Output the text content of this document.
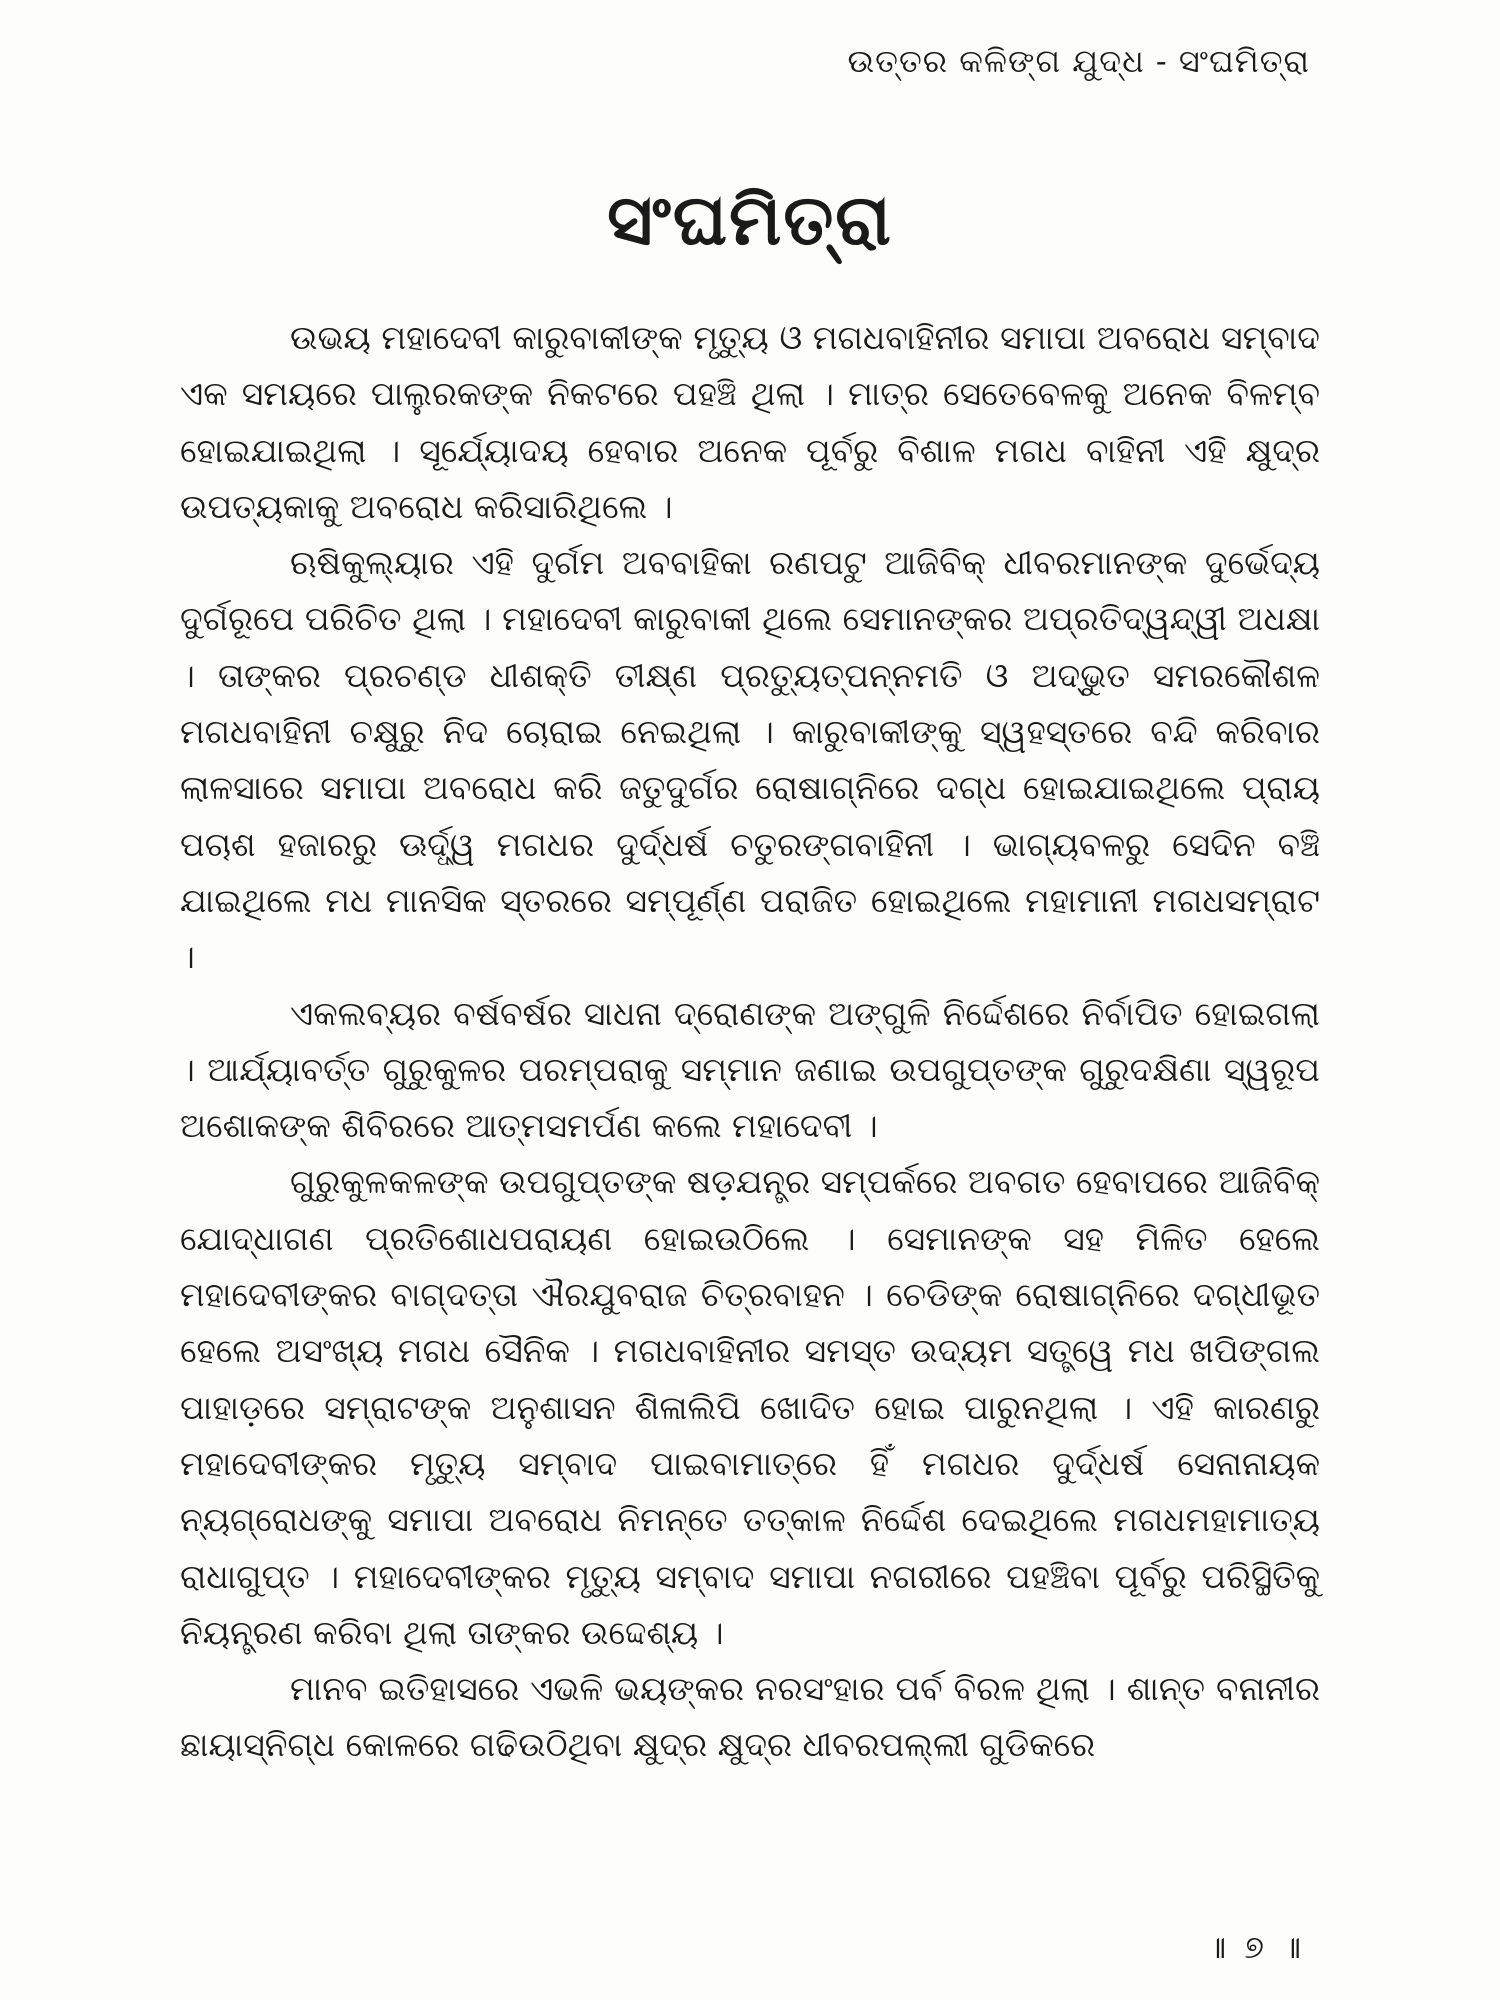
ଉତ୍ତର କଳିଙ୍ଗ ଯୁଦ୍ଧ - ସଂଘମିତ୍ରା
ସଂଘମିତ୍ରା

ଉଭୟ ମହାଦେବୀ କାରୁବାକୀଙ୍କ ମୃତ୍ୟୁ ଓ ମଗଧବାହିନୀର ସମାପା ଅବରୋଧ ସମ୍ବାଦ ଏକ ସମୟରେ ପାଲୁରକଙ୍କ ନିକଟରେ ପହଞ୍ଚି ଥିଲା । ମାତ୍ର ସେତେବେଳକୁ ଅନେକ ବିଳମ୍ବ ହୋଇଯାଇଥିଲା । ସୂର୍ଯ୍ୟୋଦୟ ହେବାର ଅନେକ ପୂର୍ବରୁ ବିଶାଳ ମଗଧ ବାହିନୀ ଏହି କ୍ଷୁଦ୍ର ଉପତ୍ୟକାକୁ ଅବରୋଧ କରିସାରିଥିଲେ ।

ଋଷିକୁଲ୍ୟାର ଏହି ଦୁର୍ଗମ ଅବବାହିକା ରଣପଟୁ ଆଜିବିକ୍ ଧୀବରମାନଙ୍କ ଦୁର୍ଭେଦ୍ୟ ଦୁର୍ଗରୂପେ ପରିଚିତ ଥିଲା । ମହାଦେବୀ କାରୁବାକୀ ଥିଲେ ସେମାନଙ୍କର ଅପ୍ରତିଦ୍ୱନ୍ଦ୍ୱୀ ଅଧକ୍ଷା । ତାଙ୍କର ପ୍ରଚଣ୍ଡ ଧୀଶକ୍ତି ତୀକ୍ଷ୍ଣ ପ୍ରତ୍ୟୁତ୍ପନ୍ନମତି ଓ ଅଦ୍ଭୁତ ସମରକୌଶଳ ମଗଧବାହିନୀ ଚକ୍ଷୁରୁ ନିଦ ଚୋରାଇ ନେଇଥିଲା । କାରୁବାକୀଙ୍କୁ ସ୍ୱହସ୍ତରେ ବନ୍ଦି କରିବାର ଲାଳସାରେ ସମାପା ଅବରୋଧ କରି ଜତୁଦୁର୍ଗର ରୋଷାଗ୍ନିରେ ଦଗ୍‌ଧ ହୋଇଯାଇଥିଲେ ପ୍ରାୟ ପଚାଶ ହଜାରରୁ ଊର୍ଦ୍ଧ୍ୱ ମଗଧର ଦୁର୍ଦ୍ଧର୍ଷ ଚତୁରଙ୍ଗବାହିନୀ । ଭାଗ୍ୟବଳରୁ ସେଦିନ ବଞ୍ଚି ଯାଇଥିଲେ ମଧ ମାନସିକ ସ୍ତରରେ ସମ୍ପୂର୍ଣ୍ଣ ପରାଜିତ ହୋଇଥିଲେ ମହାମାନୀ ମଗଧସମ୍ରାଟ ।

ଏକଲବ୍ୟର ବର୍ଷବର୍ଷର ସାଧନା ଦ୍ରୋଣଙ୍କ ଅଙ୍ଗୁଳି ନିର୍ଦ୍ଦେଶରେ ନିର୍ବାପିତ ହୋଇଗଲା । ଆର୍ଯ୍ୟାବର୍ତ୍ତ ଗୁରୁକୁଳର ପରମ୍ପରାକୁ ସମ୍ମାନ ଜଣାଇ ଉପଗୁପ୍ତଙ୍କ ଗୁରୁଦକ୍ଷିଣା ସ୍ୱରୂପ ଅଶୋକଙ୍କ ଶିବିରରେ ଆତ୍ମସମର୍ପଣ କଲେ ମହାଦେବୀ ।

ଗୁରୁକୁଳକଳଙ୍କ ଉପଗୁପ୍ତଙ୍କ ଷଡ଼ଯନ୍ତ୍ର ସମ୍ପର୍କରେ ଅବଗତ ହେବାପରେ ଆଜିବିକ୍ ଯୋଦ୍ଧାଗଣ ପ୍ରତିଶୋଧପରାୟଣ ହୋଇଉଠିଲେ । ସେମାନଙ୍କ ସହ ମିଳିତ ହେଲେ ମହାଦେବୀଙ୍କର ବାଗ୍‌ଦତ୍ତା ଐରଯୁବରାଜ ଚିତ୍ରବାହନ । ଚେଡିଙ୍କ ରୋଷାଗ୍ନିରେ ଦଗ୍ଧୀଭୂତ ହେଲେ ଅସଂଖ୍ୟ ମଗଧ ସୈନିକ । ମଗଧବାହିନୀର ସମସ୍ତ ଉଦ୍ୟମ ସତ୍ତ୍ୱେ ମଧ ଖପିଙ୍ଗଲ ପାହାଡ଼ରେ ସମ୍ରାଟଙ୍କ ଅନୁଶାସନ ଶିଳାଲିପି ଖୋଦିତ ହୋଇ ପାରୁନଥିଲା । ଏହି କାରଣରୁ ମହାଦେବୀଙ୍କର ମୃତ୍ୟୁ ସମ୍ବାଦ ପାଇବାମାତ୍ରେ ହିଁ ମଗଧର ଦୁର୍ଦ୍ଧର୍ଷ ସେନାନାୟକ ନ୍ୟଗ୍ରୋଧଙ୍କୁ ସମାପା ଅବରୋଧ ନିମନ୍ତେ ତତ୍‌କାଳ ନିର୍ଦ୍ଦେଶ ଦେଇଥିଲେ ମଗଧମହାମାତ୍ୟ ରାଧାଗୁପ୍ତ । ମହାଦେବୀଙ୍କର ମୃତ୍ୟୁ ସମ୍ବାଦ ସମାପା ନଗରୀରେ ପହଞ୍ଚିବା ପୂର୍ବରୁ ପରିସ୍ଥିତିକୁ ନିୟନ୍ତ୍ରଣ କରିବା ଥିଲା ତାଙ୍କର ଉଦ୍ଦେଶ୍ୟ ।

ମାନବ ଇତିହାସରେ ଏଭଳି ଭୟଙ୍କର ନରସଂହାର ପର୍ବ ବିରଳ ଥିଲା । ଶାନ୍ତ ବନାନୀର ଛାୟାସ୍ନିଗ୍‌ଧ କୋଳରେ ଗଢିଉଠିଥିବା କ୍ଷୁଦ୍ର କ୍ଷୁଦ୍ର ଧୀବରପଲ୍ଲୀ ଗୁଡିକରେ

॥ ୭ ॥
